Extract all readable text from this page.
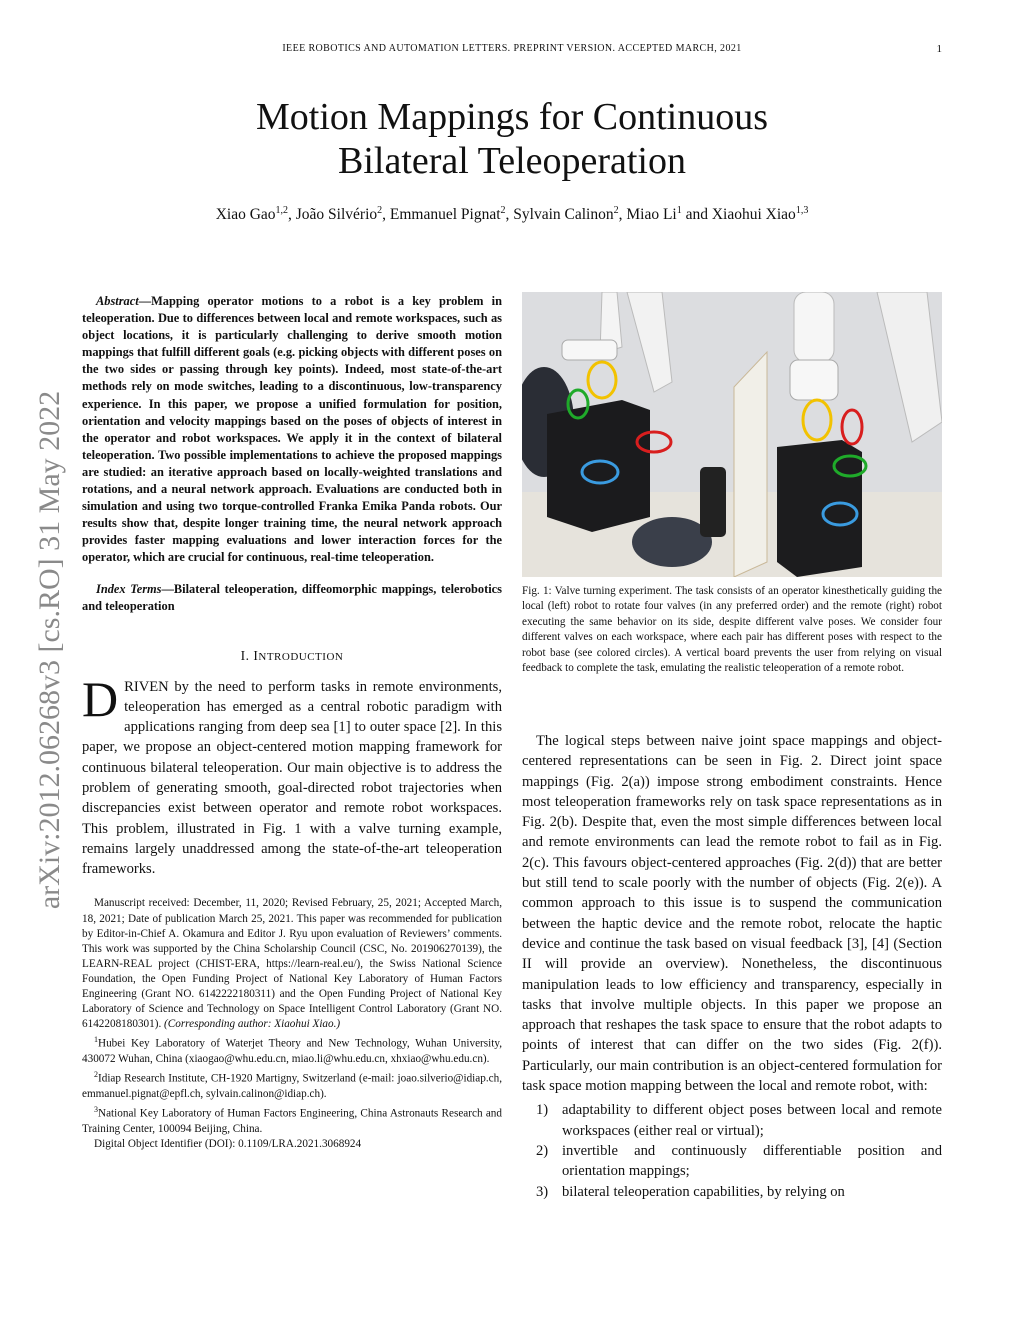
IEEE ROBOTICS AND AUTOMATION LETTERS. PREPRINT VERSION. ACCEPTED MARCH, 2021	1
arXiv:2012.06268v3 [cs.RO] 31 May 2022
Motion Mappings for Continuous
Bilateral Teleoperation
Xiao Gao$^{1,2}$, João Silvério$^2$, Emmanuel Pignat$^2$, Sylvain Calinon$^2$, Miao Li$^1$ and Xiaohui Xiao$^{1,3}$

Abstract—Mapping operator motions to a robot is a key problem in teleoperation. Due to differences between local and remote workspaces, such as object locations, it is particularly challenging to derive smooth motion mappings that fulfill different goals (e.g. picking objects with different poses on the two sides or passing through key points). Indeed, most state-of-the-art methods rely on mode switches, leading to a discontinuous, low-transparency experience. In this paper, we propose a unified formulation for position, orientation and velocity mappings based on the poses of objects of interest in the operator and robot workspaces. We apply it in the context of bilateral teleoperation. Two possible implementations to achieve the proposed mappings are studied: an iterative approach based on locally-weighted translations and rotations, and a neural network approach. Evaluations are conducted both in simulation and using two torque-controlled Franka Emika Panda robots. Our results show that, despite longer training time, the neural network approach provides faster mapping evaluations and lower interaction forces for the operator, which are crucial for continuous, real-time teleoperation.

Index Terms—Bilateral teleoperation, diffeomorphic mappings, telerobotics and teleoperation

I. INTRODUCTION

DRIVEN by the need to perform tasks in remote environments, teleoperation has emerged as a central robotic paradigm with applications ranging from deep sea [1] to outer space [2]. In this paper, we propose an object-centered motion mapping framework for continuous bilateral teleoperation. Our main objective is to address the problem of generating smooth, goal-directed robot trajectories when discrepancies exist between operator and remote robot workspaces. This problem, illustrated in Fig. 1 with a valve turning example, remains largely unaddressed among the state-of-the-art teleoperation frameworks.

Manuscript received: December, 11, 2020; Revised February, 25, 2021; Accepted March, 18, 2021; Date of publication March 25, 2021. This paper was recommended for publication by Editor-in-Chief A. Okamura and Editor J. Ryu upon evaluation of Reviewers’ comments. This work was supported by the China Scholarship Council (CSC, No. 201906270139), the LEARN-REAL project (CHIST-ERA, https://learn-real.eu/), the Swiss National Science Foundation, the Open Funding Project of National Key Laboratory of Human Factors Engineering (Grant NO. 6142222180311) and the Open Funding Project of National Key Laboratory of Science and Technology on Space Intelligent Control Laboratory (Grant NO. 6142208180301). (Corresponding author: Xiaohui Xiao.)

$^1$Hubei Key Laboratory of Waterjet Theory and New Technology, Wuhan University, 430072 Wuhan, China (xiaogao@whu.edu.cn, miao.li@whu.edu.cn, xhxiao@whu.edu.cn).

$^2$Idiap Research Institute, CH-1920 Martigny, Switzerland (e-mail: joao.silverio@idiap.ch, emmanuel.pignat@epfl.ch, sylvain.calinon@idiap.ch).

$^3$National Key Laboratory of Human Factors Engineering, China Astronauts Research and Training Center, 100094 Beijing, China.

Digital Object Identifier (DOI): 0.1109/LRA.2021.3068924

Fig. 1: Valve turning experiment. The task consists of an operator kinesthetically guiding the local (left) robot to rotate four valves (in any preferred order) and the remote (right) robot executing the same behavior on its side, despite different valve poses. We consider four different valves on each workspace, where each pair has different poses with respect to the robot base (see colored circles). A vertical board prevents the user from relying on visual feedback to complete the task, emulating the realistic teleoperation of a remote robot.

The logical steps between naive joint space mappings and object-centered representations can be seen in Fig. 2. Direct joint space mappings (Fig. 2(a)) impose strong embodiment constraints. Hence most teleoperation frameworks rely on task space representations as in Fig. 2(b). Despite that, even the most simple differences between local and remote environments can lead the remote robot to fail as in Fig. 2(c). This favours object-centered approaches (Fig. 2(d)) that are better but still tend to scale poorly with the number of objects (Fig. 2(e)). A common approach to this issue is to suspend the communication between the haptic device and the remote robot, relocate the haptic device and continue the task based on visual feedback [3], [4] (Section II will provide an overview). Nonetheless, the discontinuous manipulation leads to low efficiency and transparency, especially in tasks that involve multiple objects. In this paper we propose an approach that reshapes the task space to ensure that the robot adapts to points of interest that can differ on the two sides (Fig. 2(f)). Particularly, our main contribution is an object-centered formulation for task space motion mapping between the local and remote robot, with:

1) adaptability to different object poses between local and remote workspaces (either real or virtual);
2) invertible and continuously differentiable position and orientation mappings;
3) bilateral teleoperation capabilities, by relying on
